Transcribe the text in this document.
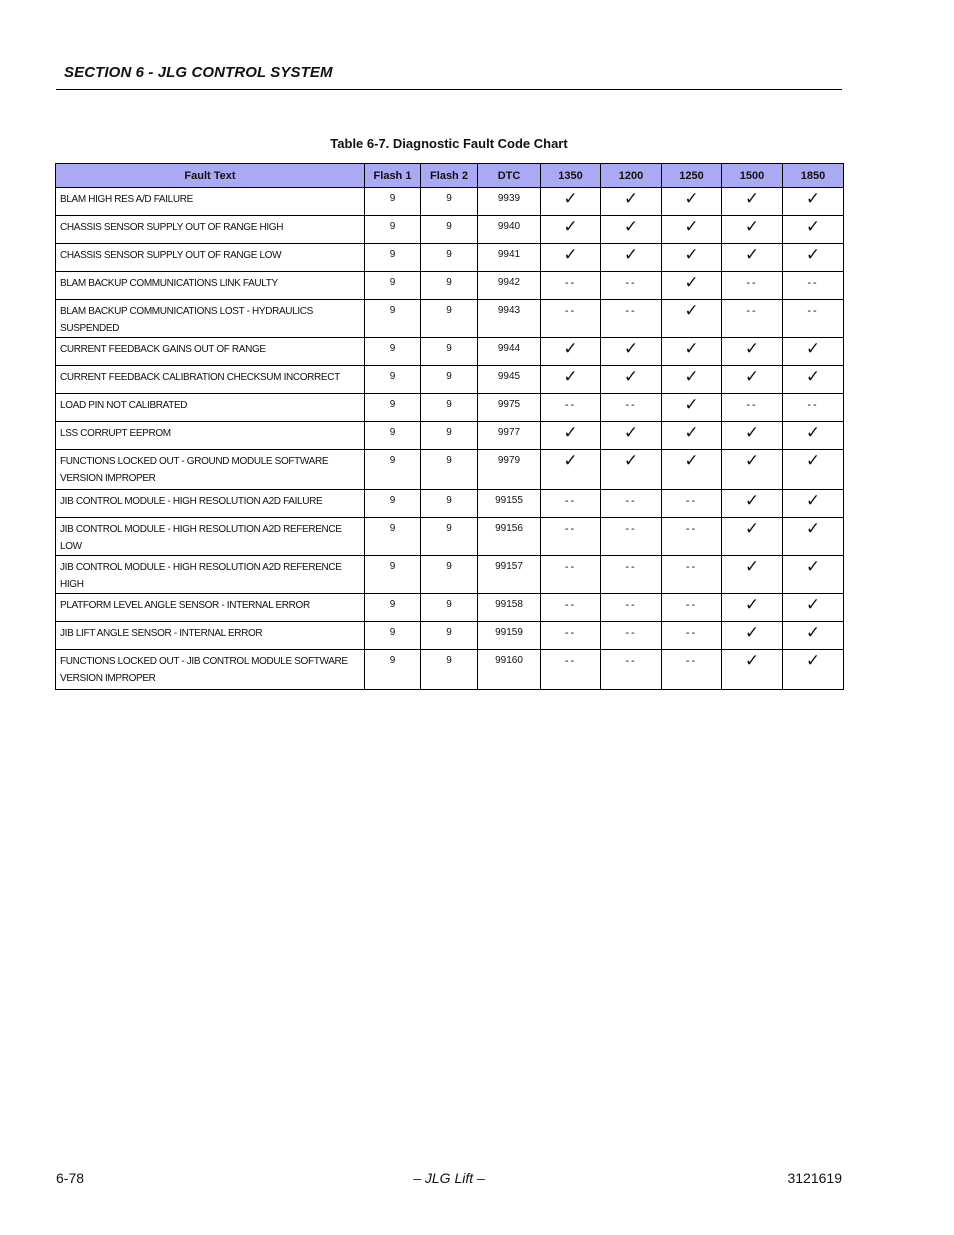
SECTION 6 - JLG CONTROL SYSTEM
Table 6-7. Diagnostic Fault Code Chart
Fault Text	Flash 1	Flash 2	DTC	1350	1200	1250	1500	1850
BLAM HIGH RES A/D FAILURE	9	9	9939	✓	✓	✓	✓	✓
CHASSIS SENSOR SUPPLY OUT OF RANGE HIGH	9	9	9940	✓	✓	✓	✓	✓
CHASSIS SENSOR SUPPLY OUT OF RANGE LOW	9	9	9941	✓	✓	✓	✓	✓
BLAM BACKUP COMMUNICATIONS LINK FAULTY	9	9	9942	--	--	✓	--	--
BLAM BACKUP COMMUNICATIONS LOST - HYDRAULICS SUSPENDED	9	9	9943	--	--	✓	--	--
CURRENT FEEDBACK GAINS OUT OF RANGE	9	9	9944	✓	✓	✓	✓	✓
CURRENT FEEDBACK CALIBRATION CHECKSUM INCORRECT	9	9	9945	✓	✓	✓	✓	✓
LOAD PIN NOT CALIBRATED	9	9	9975	--	--	✓	--	--
LSS CORRUPT EEPROM	9	9	9977	✓	✓	✓	✓	✓
FUNCTIONS LOCKED OUT - GROUND MODULE SOFTWARE VERSION IMPROPER	9	9	9979	✓	✓	✓	✓	✓
JIB CONTROL MODULE - HIGH RESOLUTION A2D FAILURE	9	9	99155	--	--	--	✓	✓
JIB CONTROL MODULE - HIGH RESOLUTION A2D REFERENCE LOW	9	9	99156	--	--	--	✓	✓
JIB CONTROL MODULE - HIGH RESOLUTION A2D REFERENCE HIGH	9	9	99157	--	--	--	✓	✓
PLATFORM LEVEL ANGLE SENSOR - INTERNAL ERROR	9	9	99158	--	--	--	✓	✓
JIB LIFT ANGLE SENSOR - INTERNAL ERROR	9	9	99159	--	--	--	✓	✓
FUNCTIONS LOCKED OUT - JIB CONTROL MODULE SOFTWARE VERSION IMPROPER	9	9	99160	--	--	--	✓	✓
6-78	– JLG Lift –	3121619
